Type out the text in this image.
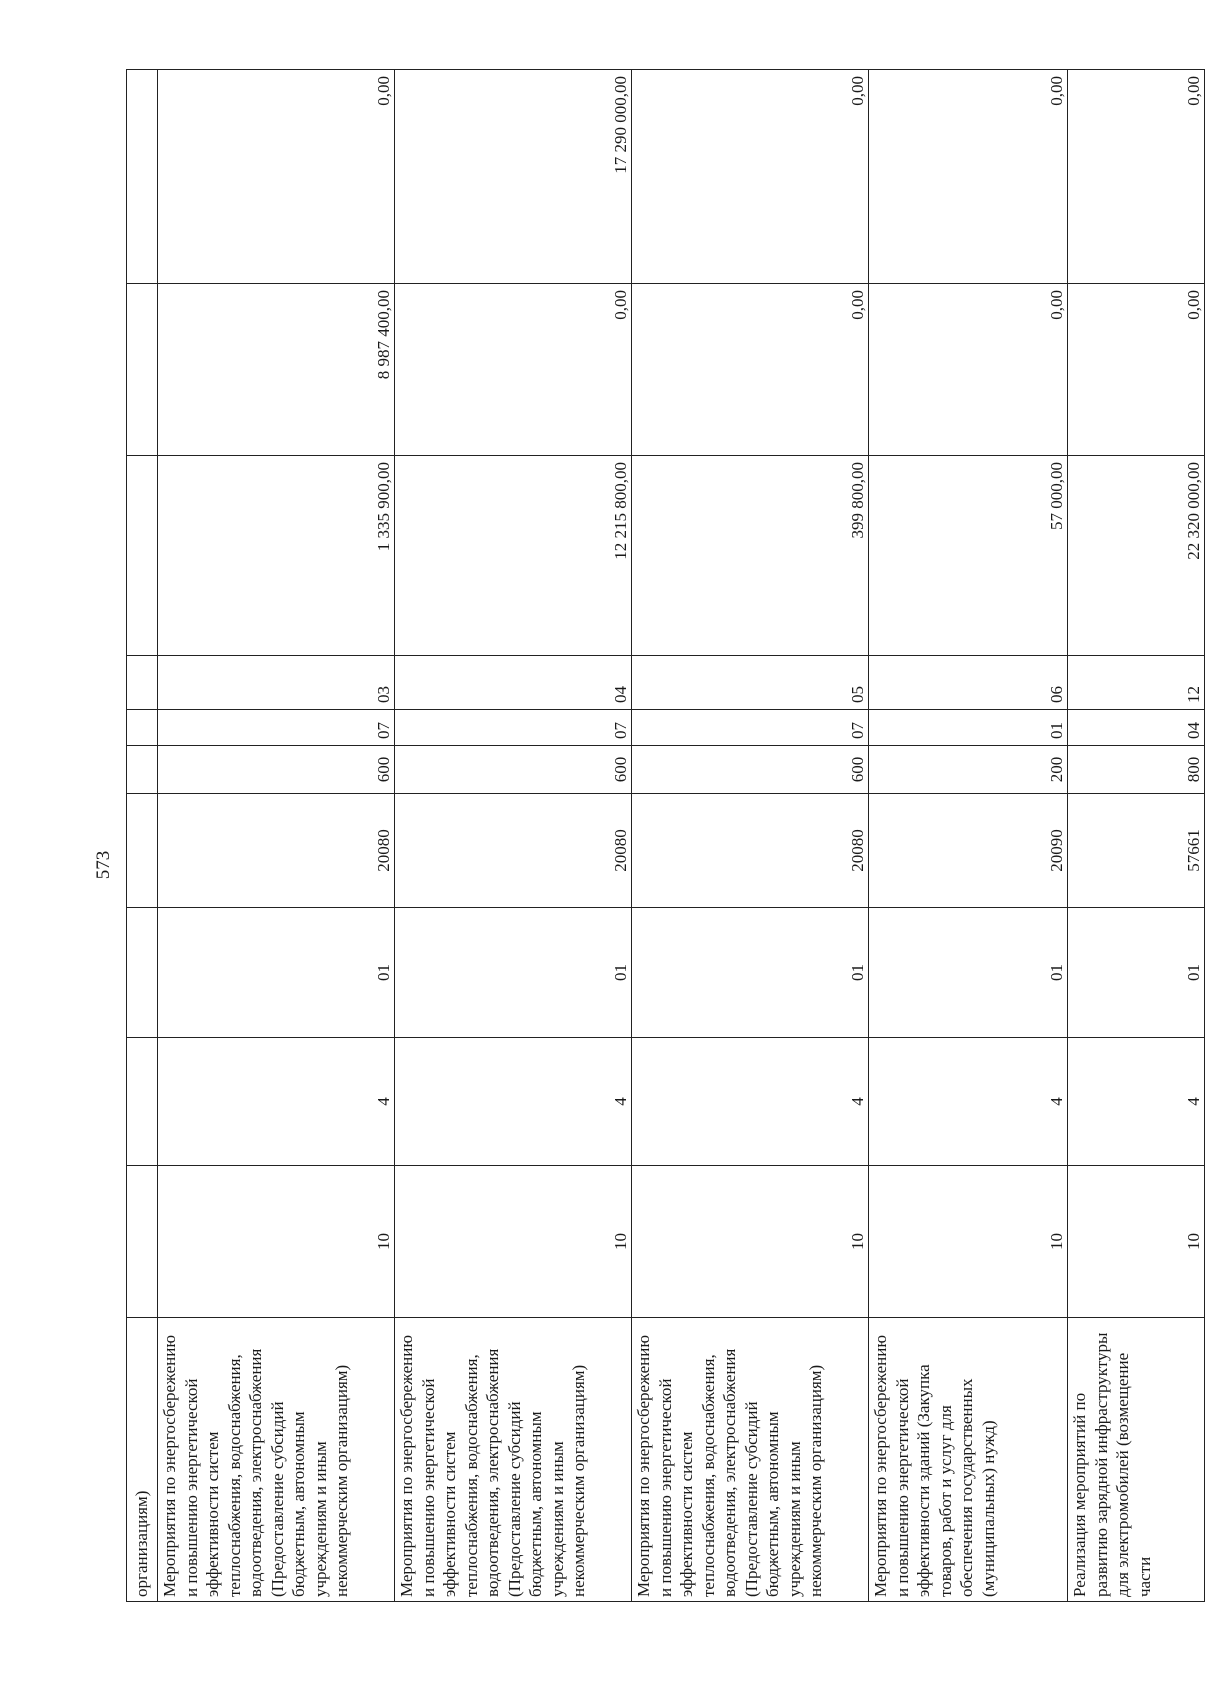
573
организациям)										
Мероприятия по энергосбережению и повышению энергетической эффективности систем теплоснабжения, водоснабжения, водоотведения, электроснабжения (Предоставление субсидий бюджетным, автономным учреждениям и иным некоммерческим организациям)	10	4	01	20080	600	07	03	1 335 900,00	8 987 400,00	0,00
Мероприятия по энергосбережению и повышению энергетической эффективности систем теплоснабжения, водоснабжения, водоотведения, электроснабжения (Предоставление субсидий бюджетным, автономным учреждениям и иным некоммерческим организациям)	10	4	01	20080	600	07	04	12 215 800,00	0,00	17 290 000,00
Мероприятия по энергосбережению и повышению энергетической эффективности систем теплоснабжения, водоснабжения, водоотведения, электроснабжения (Предоставление субсидий бюджетным, автономным учреждениям и иным некоммерческим организациям)	10	4	01	20080	600	07	05	399 800,00	0,00	0,00
Мероприятия по энергосбережению и повышению энергетической эффективности зданий (Закупка товаров, работ и услуг для обеспечения государственных (муниципальных) нужд)	10	4	01	20090	200	01	06	57 000,00	0,00	0,00
Реализация мероприятий по развитию зарядной инфраструктуры для электромобилей (возмещение части	10	4	01	57661	800	04	12	22 320 000,00	0,00	0,00
